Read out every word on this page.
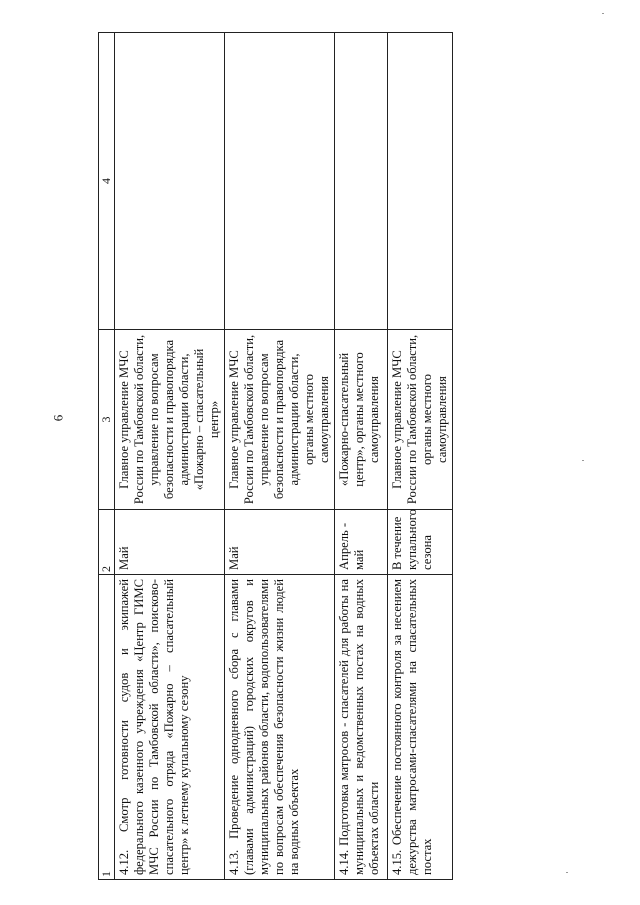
6
1	2	3	4
4.12. Смотр готовности судов и экипажей федерального казенного учреждения «Центр ГИМС МЧС России по Тамбовской области», поисково-спасательного отряда «Пожарно – спасательный центр» к летнему купальному сезону	Май	Главное управление МЧС России по Тамбовской области, управление по вопросам безопасности и правопорядка администрации области, «Пожарно – спасательный центр»	
4.13. Проведение однодневного сбора с главами (главами администраций) городских округов и муниципальных районов области, водопользователями по вопросам обеспечения безопасности жизни людей на водных объектах	Май	Главное управление МЧС России по Тамбовской области, управление по вопросам безопасности и правопорядка администрации области, органы местного самоуправления	
4.14. Подготовка матросов - спасателей для работы на муниципальных и ведомственных постах на водных объектах области	Апрель - май	«Пожарно-спасательный центр», органы местного самоуправления	
4.15. Обеспечение постоянного контроля за несением дежурства матросами-спасателями на спасательных постах	В течение купального сезона	Главное управление МЧС России по Тамбовской области, органы местного самоуправления	
